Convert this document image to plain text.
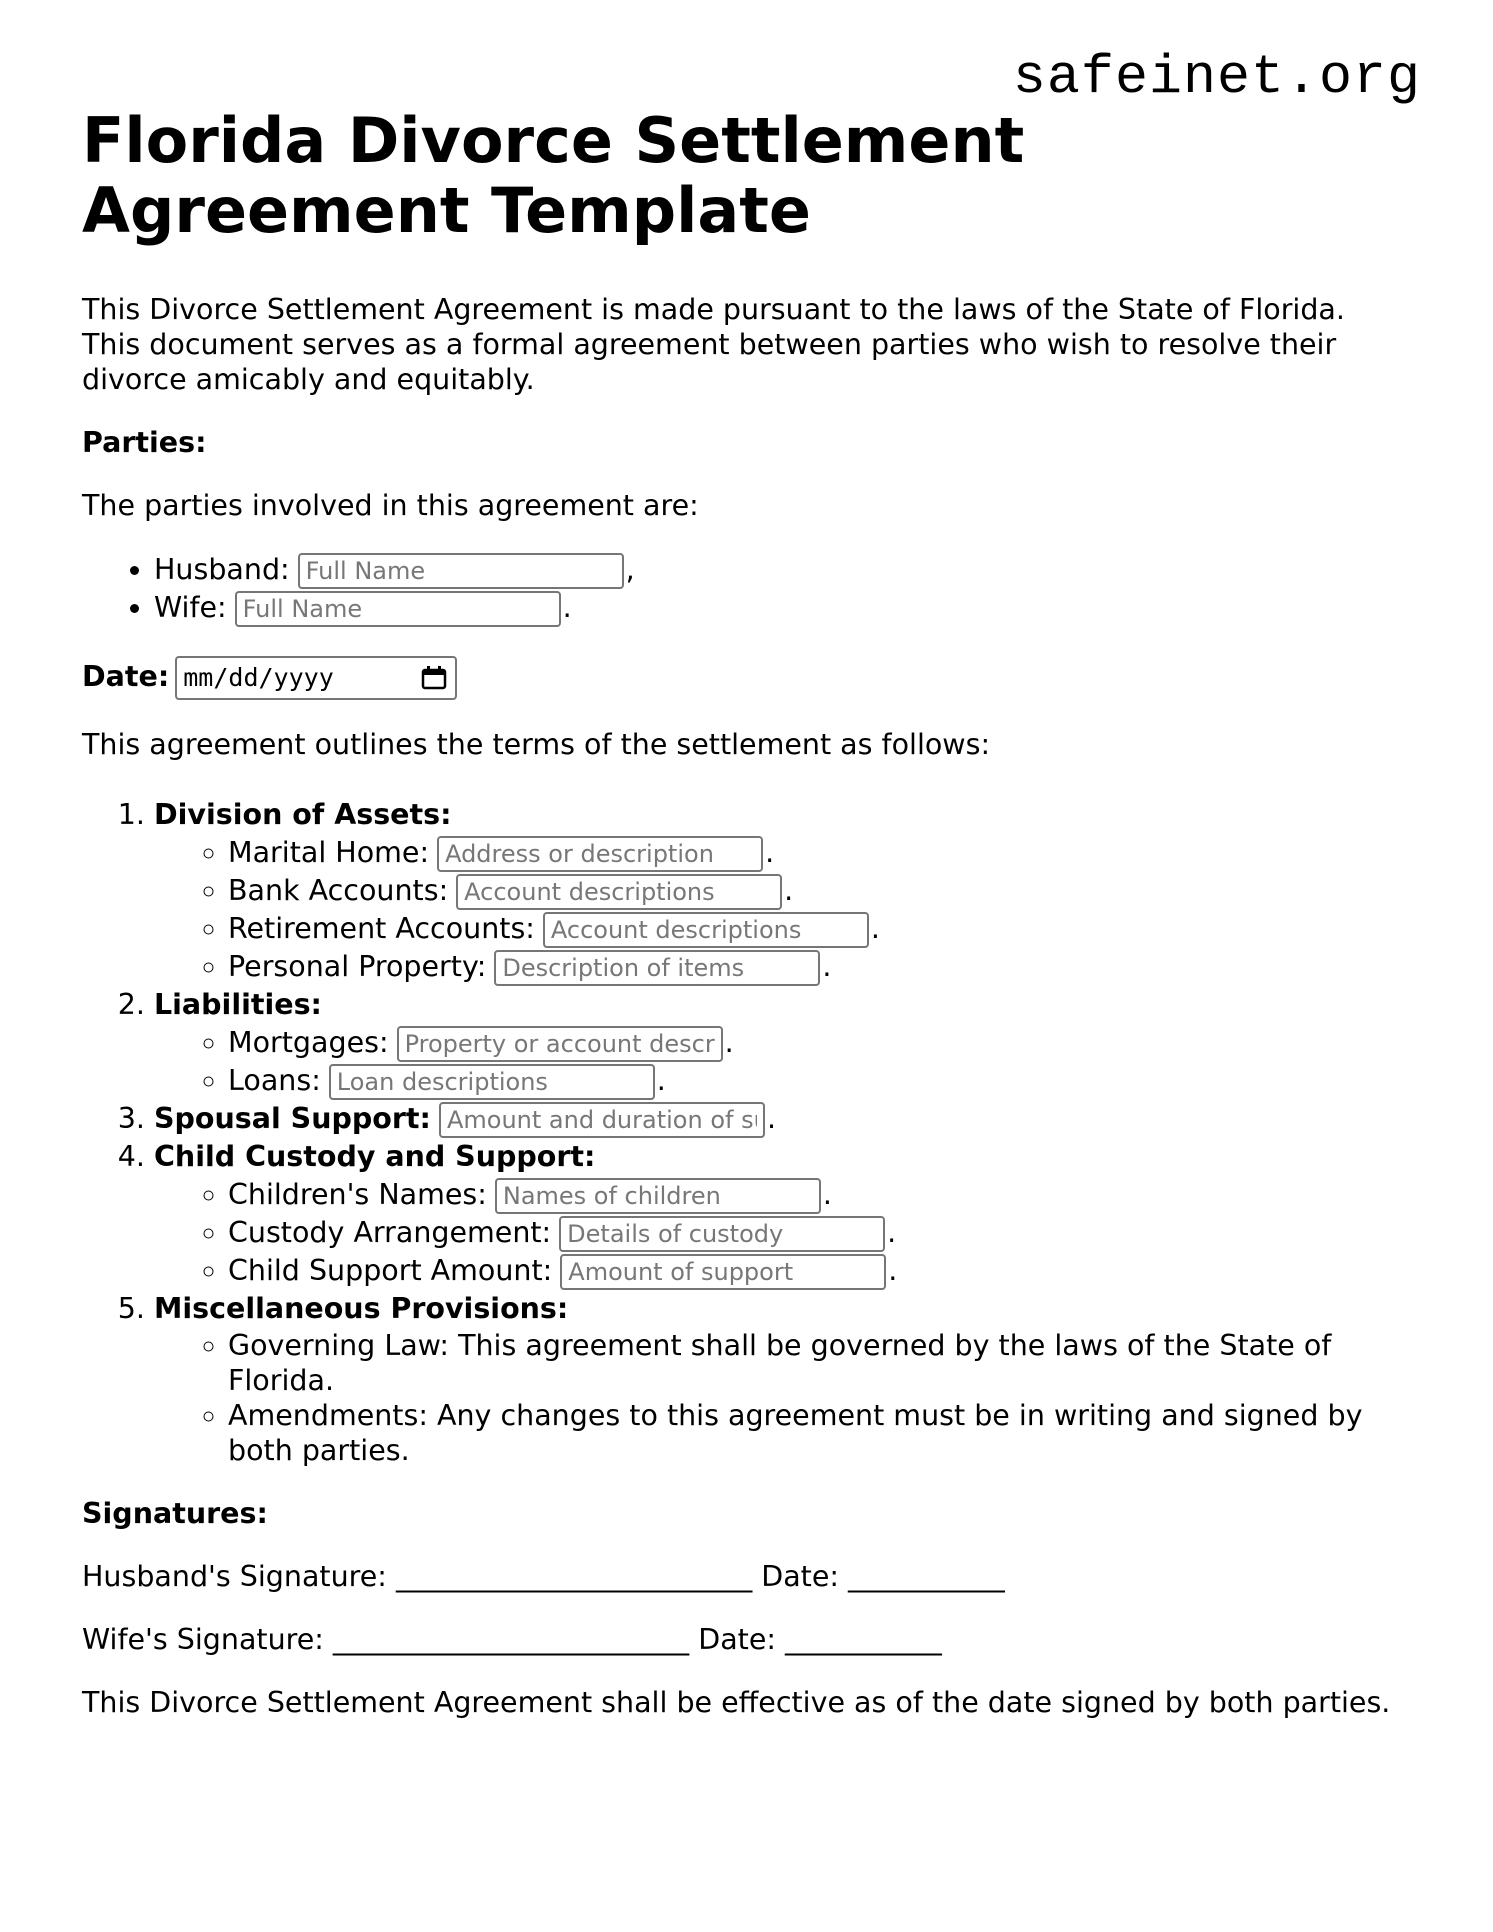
safeinet.org
Florida Divorce Settlement Agreement Template

This Divorce Settlement Agreement is made pursuant to the laws of the State of Florida. This document serves as a formal agreement between parties who wish to resolve their divorce amicably and equitably.

Parties:

The parties involved in this agreement are:

• Husband:Full Name	,
• Wife:Full Name	.
Date: mm/dd/yyyy

This agreement outlines the terms of the settlement as follows:

1. Division of Assets:
◦ Marital Home:Address or description	.
◦ Bank Accounts:Account descriptions	.
◦ Retirement Accounts:Account descriptions	.
◦ Personal Property:Description of items	.
2. Liabilities:
◦ Mortgages:Property or account descriptions	.
◦ Loans:Loan descriptions	.
3. Spousal Support:Amount and duration of support	.
4. Child Custody and Support:
◦ Children's Names:Names of children	.
◦ Custody Arrangement:Details of custody	.
◦ Child Support Amount:Amount of support	.
5. Miscellaneous Provisions:
◦ Governing Law: This agreement shall be governed by the laws of the State of Florida.
◦ Amendments: Any changes to this agreement must be in writing and signed by both parties.

Signatures:

Husband's Signature: _________________________ Date: ___________

Wife's Signature: _________________________ Date: ___________

This Divorce Settlement Agreement shall be effective as of the date signed by both parties.
